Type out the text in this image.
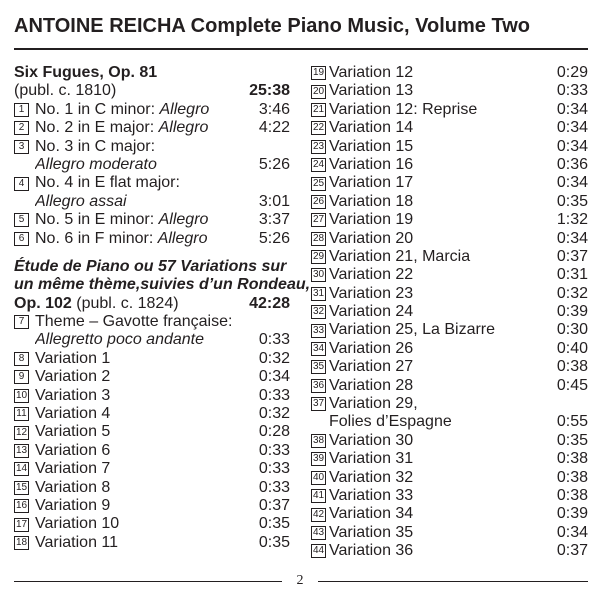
ANTOINE REICHA Complete Piano Music, Volume Two
Six Fugues, Op. 81
(publ. c. 1810)	25:38
1 No. 1 in C minor: Allegro	3:46
2 No. 2 in E major: Allegro	4:22
3 No. 3 in C major:
Allegro moderato	5:26
4 No. 4 in E flat major:
Allegro assai	3:01
5 No. 5 in E minor: Allegro	3:37
6 No. 6 in F minor: Allegro	5:26
Étude de Piano ou 57 Variations sur
un même thème,suivies d’un Rondeau,
Op. 102 (publ. c. 1824)	42:28
7 Theme – Gavotte française:
Allegretto poco andante	0:33
8 Variation 1	0:32
9 Variation 2	0:34
10 Variation 3	0:33
11 Variation 4	0:32
12 Variation 5	0:28
13 Variation 6	0:33
14 Variation 7	0:33
15 Variation 8	0:33
16 Variation 9	0:37
17 Variation 10	0:35
18 Variation 11	0:35
19 Variation 12	0:29
20 Variation 13	0:33
21 Variation 12: Reprise	0:34
22 Variation 14	0:34
23 Variation 15	0:34
24 Variation 16	0:36
25 Variation 17	0:34
26 Variation 18	0:35
27 Variation 19	1:32
28 Variation 20	0:34
29 Variation 21, Marcia	0:37
30 Variation 22	0:31
31 Variation 23	0:32
32 Variation 24	0:39
33 Variation 25, La Bizarre	0:30
34 Variation 26	0:40
35 Variation 27	0:38
36 Variation 28	0:45
37 Variation 29,
Folies d’Espagne	0:55
38 Variation 30	0:35
39 Variation 31	0:38
40 Variation 32	0:38
41 Variation 33	0:38
42 Variation 34	0:39
43 Variation 35	0:34
44 Variation 36	0:37
2
